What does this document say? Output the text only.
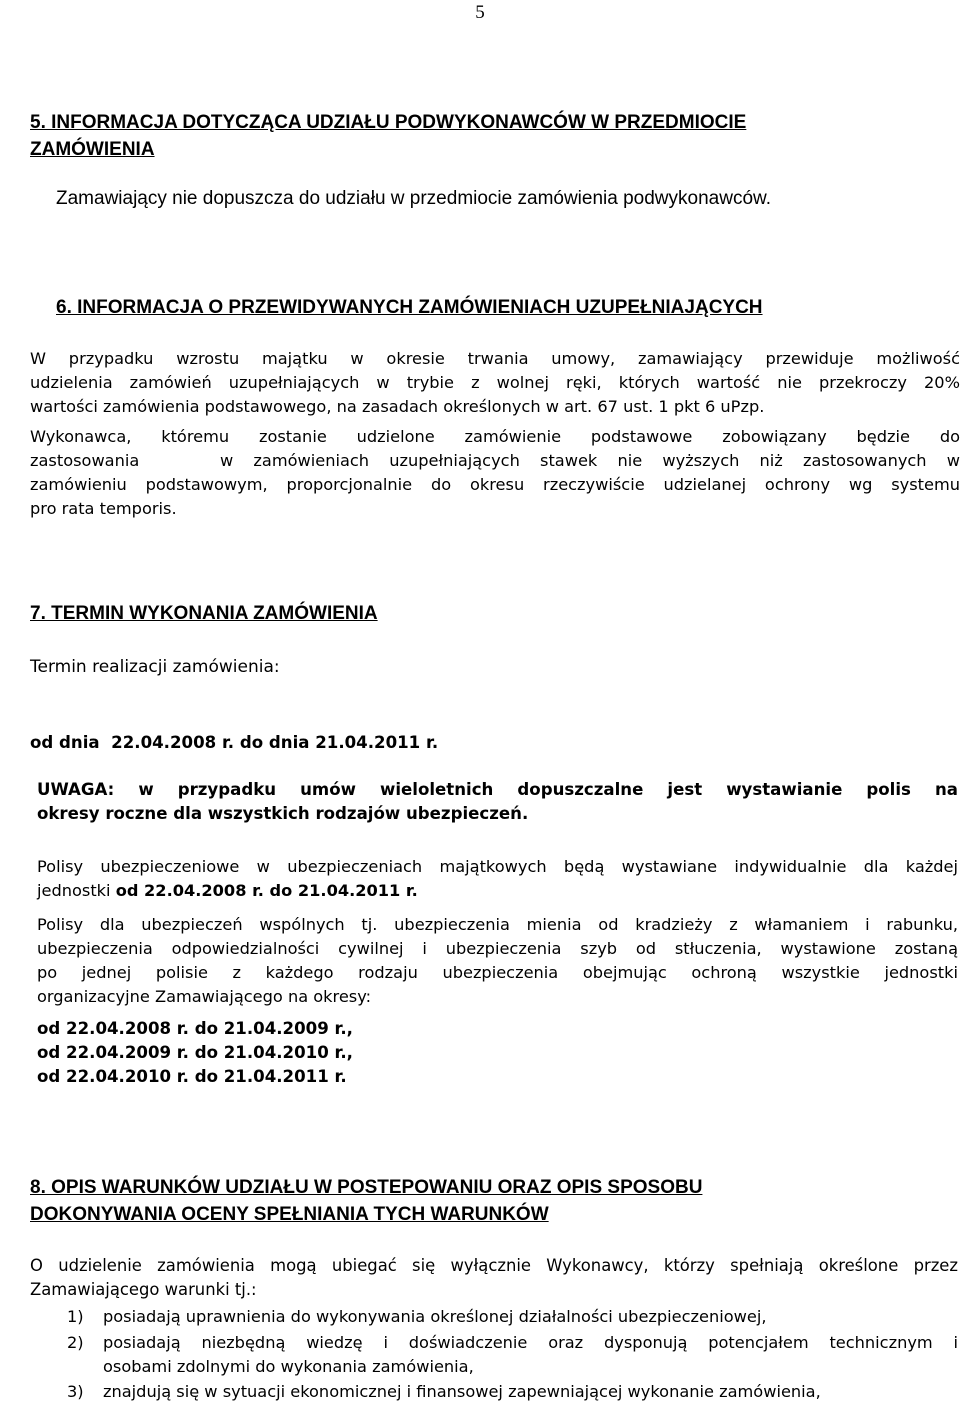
5
5. INFORMACJA DOTYCZĄCA UDZIAŁU PODWYKONAWCÓW W PRZEDMIOCIE
ZAMÓWIENIA
Zamawiający nie dopuszcza do udziału w przedmiocie zamówienia podwykonawców.
6. INFORMACJA O PRZEWIDYWANYCH ZAMÓWIENIACH UZUPEŁNIAJĄCYCH
W przypadku wzrostu majątku w okresie trwania umowy, zamawiający przewiduje możliwość
udzielenia zamówień uzupełniających w trybie z wolnej ręki, których wartość nie przekroczy 20%
wartości zamówienia podstawowego, na zasadach określonych w art. 67 ust. 1 pkt 6 uPzp.
Wykonawca, któremu zostanie udzielone zamówienie podstawowe zobowiązany będzie do
zastosowania    w zamówieniach uzupełniających stawek nie wyższych niż zastosowanych w
zamówieniu podstawowym, proporcjonalnie do okresu rzeczywiście udzielanej ochrony wg systemu
pro rata temporis.
7. TERMIN WYKONANIA ZAMÓWIENIA
Termin realizacji zamówienia:
od dnia  22.04.2008 r. do dnia 21.04.2011 r.
UWAGA: w przypadku umów wieloletnich dopuszczalne jest wystawianie polis na
okresy roczne dla wszystkich rodzajów ubezpieczeń.
Polisy ubezpieczeniowe w ubezpieczeniach majątkowych będą wystawiane indywidualnie dla każdej
jednostki od 22.04.2008 r. do 21.04.2011 r.
Polisy dla ubezpieczeń wspólnych tj. ubezpieczenia mienia od kradzieży z włamaniem i rabunku,
ubezpieczenia odpowiedzialności cywilnej i ubezpieczenia szyb od stłuczenia, wystawione zostaną
po jednej polisie z każdego rodzaju ubezpieczenia obejmując ochroną wszystkie jednostki
organizacyjne Zamawiającego na okresy:
od 22.04.2008 r. do 21.04.2009 r.,
od 22.04.2009 r. do 21.04.2010 r.,
od 22.04.2010 r. do 21.04.2011 r.
8. OPIS WARUNKÓW UDZIAŁU W POSTEPOWANIU ORAZ OPIS SPOSOBU
DOKONYWANIA OCENY SPEŁNIANIA TYCH WARUNKÓW
O udzielenie zamówienia mogą ubiegać się wyłącznie Wykonawcy, którzy spełniają określone przez
Zamawiającego warunki tj.:
1) posiadają uprawnienia do wykonywania określonej działalności ubezpieczeniowej,
2) posiadają niezbędną wiedzę i doświadczenie oraz dysponują potencjałem technicznym i
osobami zdolnymi do wykonania zamówienia,
3) znajdują się w sytuacji ekonomicznej i finansowej zapewniającej wykonanie zamówienia,
